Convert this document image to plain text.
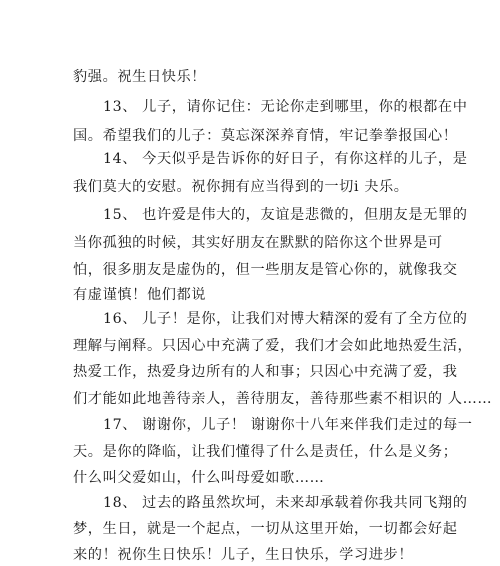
豹强。祝生日快乐！
13、 儿子，请你记住：无论你走到哪里，你的根都在中
国。希望我们的儿子：莫忘深深养育情，牢记拳拳报国心！
14、 今天似乎是告诉你的好日子，有你这样的儿子，是
我们莫大的安慰。祝你拥有应当得到的一切i 夬乐。
15、 也许爱是伟大的，友谊是悲微的，但朋友是无罪的
当你孤独的时候，其实好朋友在默默的陪你这个世界是可
怕，很多朋友是虚伪的，但一些朋友是管心你的，就像我交
有虚谨慎！他们都说
16、 儿子！是你，让我们对博大精深的爱有了全方位的
理解与阐释。只因心中充满了爱，我们才会如此地热爱生活，
热爱工作，热爱身边所有的人和事；只因心中充满了爱，我
们才能如此地善待亲人，善待朋友，善待那些素不相识的 人……
17、 谢谢你，儿子！ 谢谢你十八年来伴我们走过的每一
天。是你的降临，让我们懂得了什么是责任，什么是义务；
什么叫父爱如山，什么叫母爱如歌……
18、 过去的路虽然坎坷，未来却承载着你我共同飞翔的
梦，生日，就是一个起点，一切从这里开始，一切都会好起
来的！祝你生日快乐！儿子，生日快乐，学习进步！
